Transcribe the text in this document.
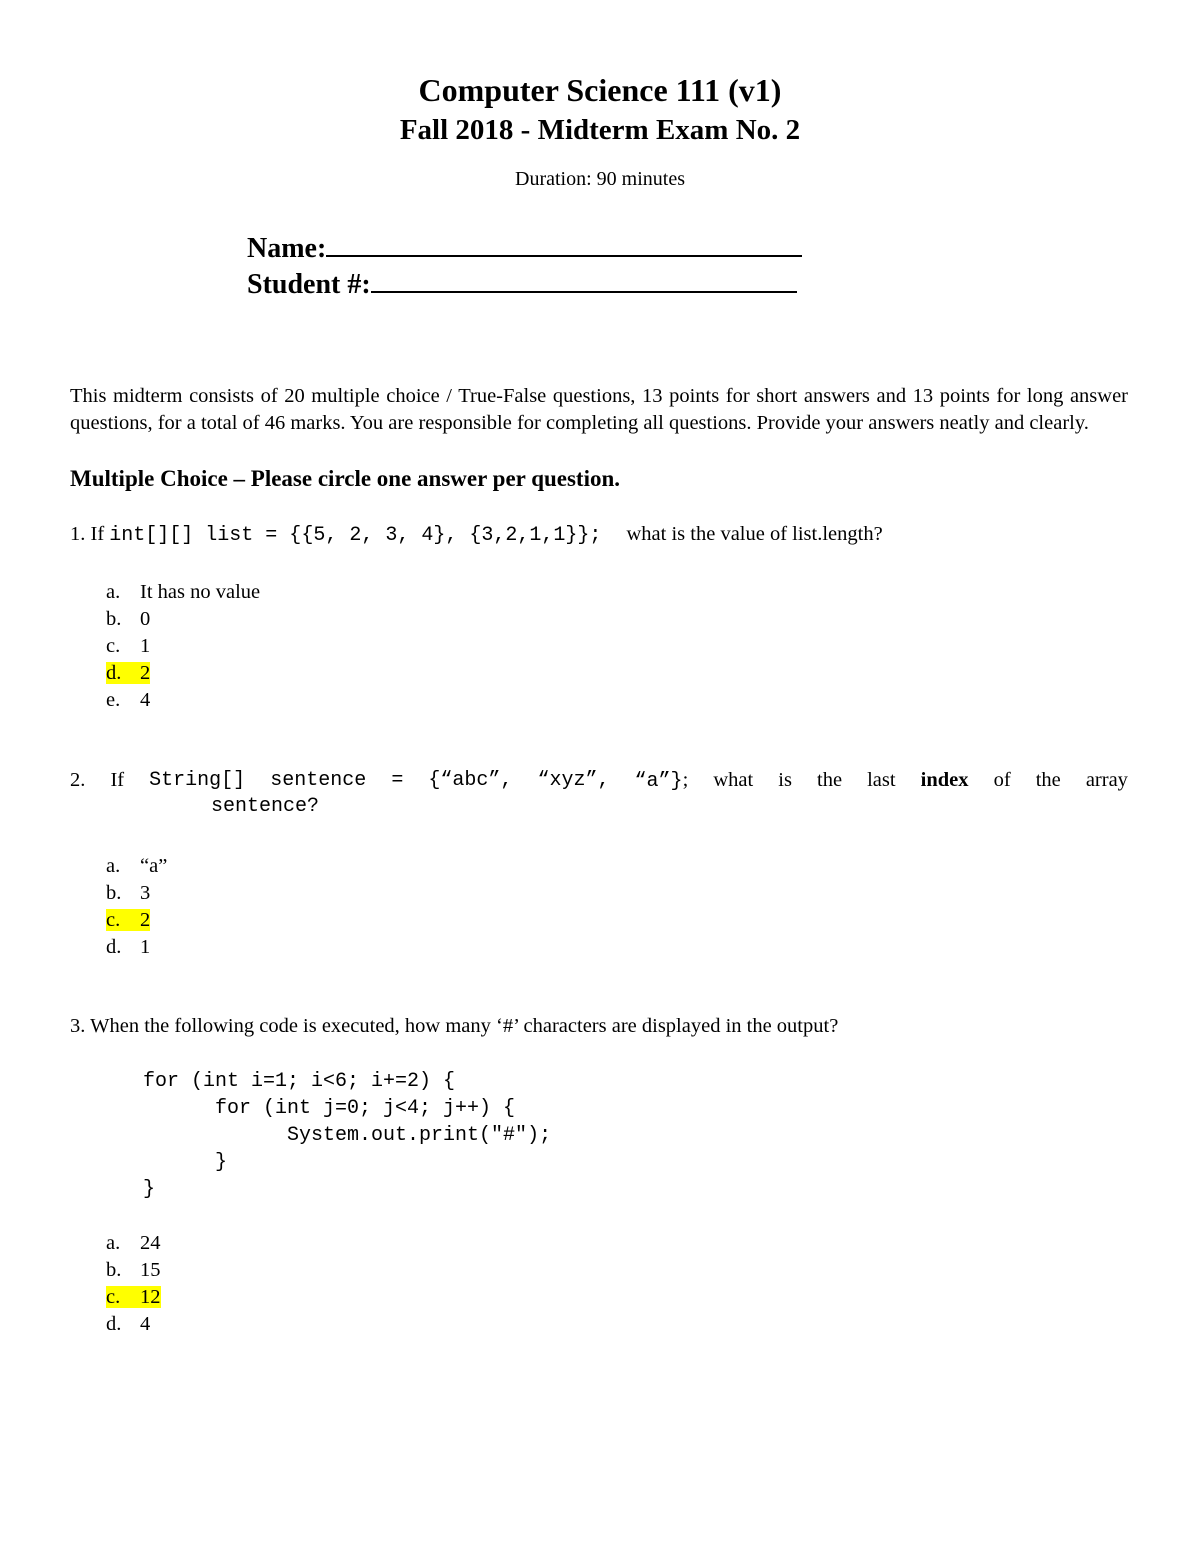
Computer Science 111 (v1)
Fall 2018 - Midterm Exam No. 2
Duration: 90 minutes
Name:
Student #:
This midterm consists of 20 multiple choice / True-False questions, 13 points for short answers and 13 points for long answer questions, for a total of 46 marks. You are responsible for completing all questions. Provide your answers neatly and clearly.
Multiple Choice – Please circle one answer per question.
1. If int[][] list = {{5, 2, 3, 4}, {3,2,1,1}}; what is the value of list.length?
a. It has no value
b. 0
c. 1
d. 2
e. 4
2. If String[] sentence = {“abc”, “xyz”, “a”}; what is the last index of the array
sentence?
a. “a”
b. 3
c. 2
d. 1
3. When the following code is executed, how many ‘#’ characters are displayed in the output?
for (int i=1; i<6; i+=2) {
for (int j=0; j<4; j++) {
System.out.print("#");
}
}
a. 24
b. 15
c. 12
d. 4
